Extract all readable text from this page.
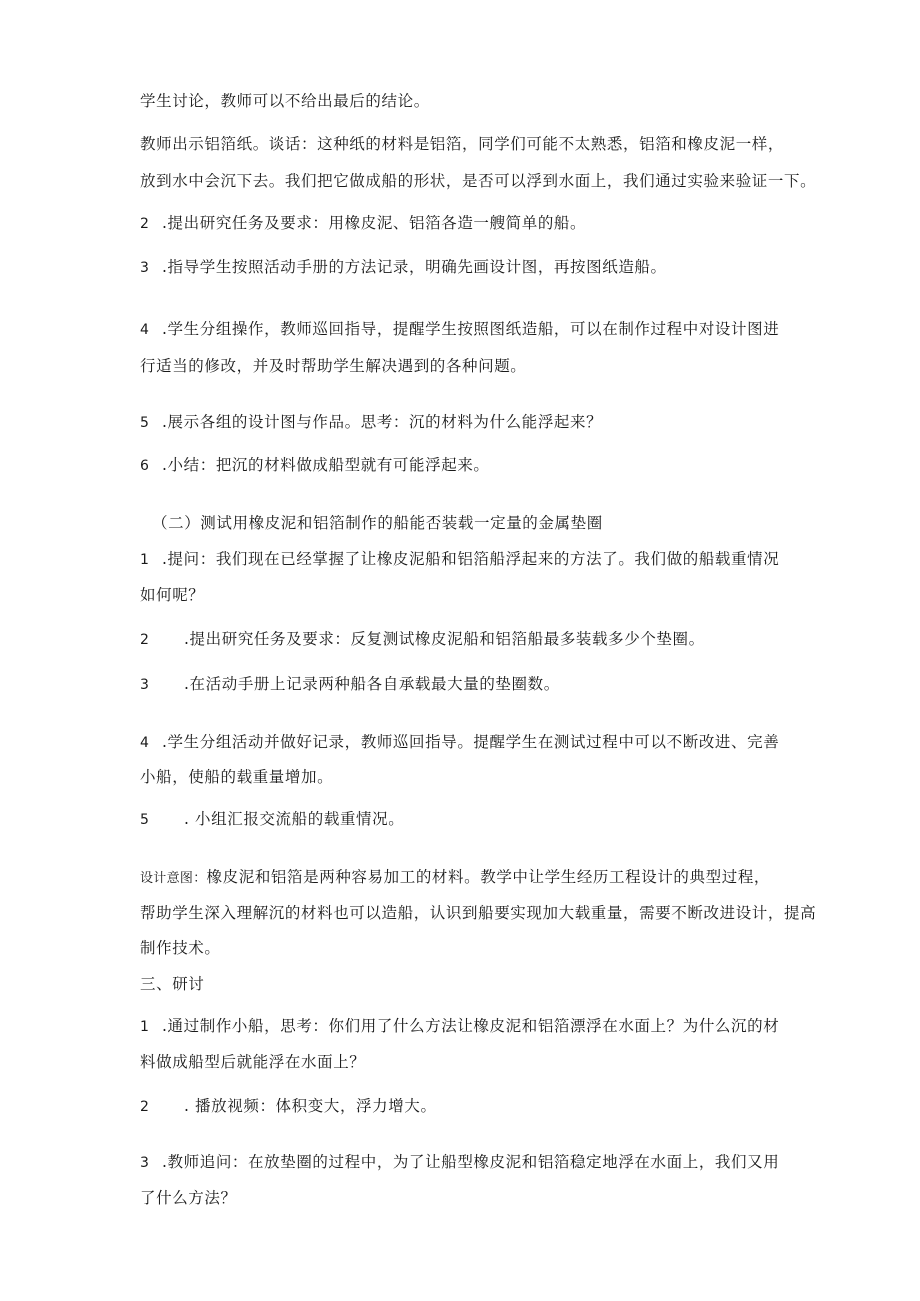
学生讨论，教师可以不给出最后的结论。
教师出示铝箔纸。谈话：这种纸的材料是铝箔，同学们可能不太熟悉，铝箔和橡皮泥一样，
放到水中会沉下去。我们把它做成船的形状，是否可以浮到水面上，我们通过实验来验证一下。
2 .提出研究任务及要求：用橡皮泥、铝箔各造一艘简单的船。
3 .指导学生按照活动手册的方法记录，明确先画设计图，再按图纸造船。
4 .学生分组操作，教师巡回指导，提醒学生按照图纸造船，可以在制作过程中对设计图进
行适当的修改，并及时帮助学生解决遇到的各种问题。
5 .展示各组的设计图与作品。思考：沉的材料为什么能浮起来？
6 .小结：把沉的材料做成船型就有可能浮起来。
（二）测试用橡皮泥和铝箔制作的船能否装载一定量的金属垫圈
1 .提问：我们现在已经掌握了让橡皮泥船和铝箔船浮起来的方法了。我们做的船载重情况
如何呢？
2 .提出研究任务及要求：反复测试橡皮泥船和铝箔船最多装载多少个垫圈。
3 .在活动手册上记录两种船各自承载最大量的垫圈数。
4 .学生分组活动并做好记录，教师巡回指导。提醒学生在测试过程中可以不断改进、完善
小船，使船的载重量增加。
5 . 小组汇报交流船的载重情况。
设计意图：橡皮泥和铝箔是两种容易加工的材料。教学中让学生经历工程设计的典型过程，
帮助学生深入理解沉的材料也可以造船，认识到船要实现加大载重量，需要不断改进设计，提高
制作技术。
三、研讨
1 .通过制作小船，思考：你们用了什么方法让橡皮泥和铝箔漂浮在水面上？为什么沉的材
料做成船型后就能浮在水面上？
2 . 播放视频：体积变大，浮力增大。
3 .教师追问：在放垫圈的过程中，为了让船型橡皮泥和铝箔稳定地浮在水面上，我们又用
了什么方法？
